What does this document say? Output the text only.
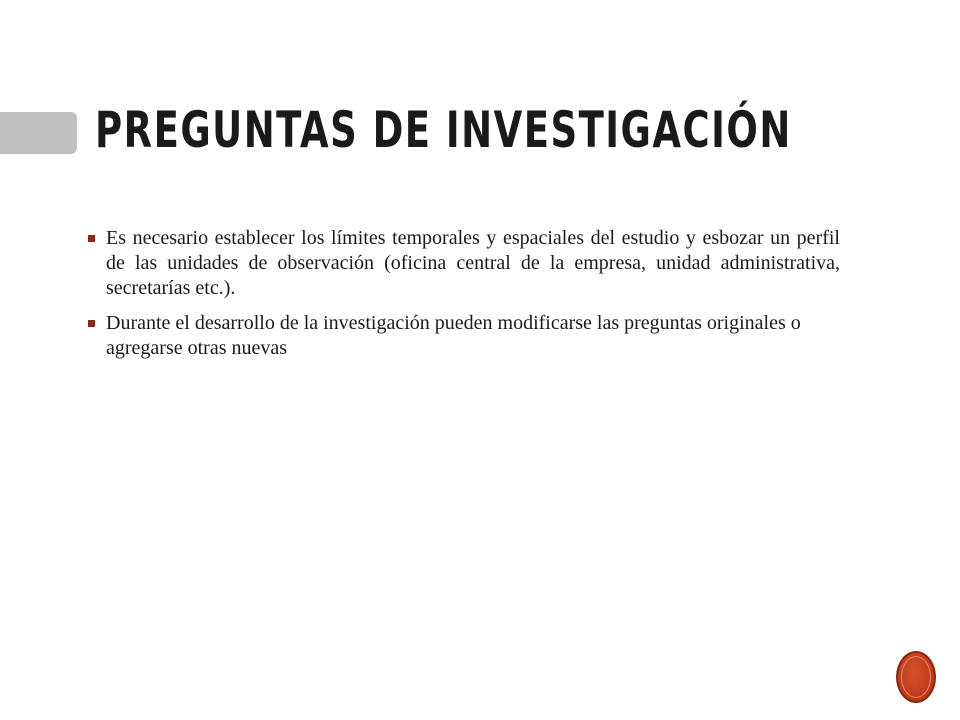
PREGUNTAS DE INVESTIGACIÓN
Es necesario establecer los límites temporales y espaciales del estudio y esbozar un perfil de las unidades de observación (oficina central de la empresa, unidad administrativa, secretarías etc.).
Durante el desarrollo de la investigación pueden modificarse las preguntas originales o agregarse otras nuevas
